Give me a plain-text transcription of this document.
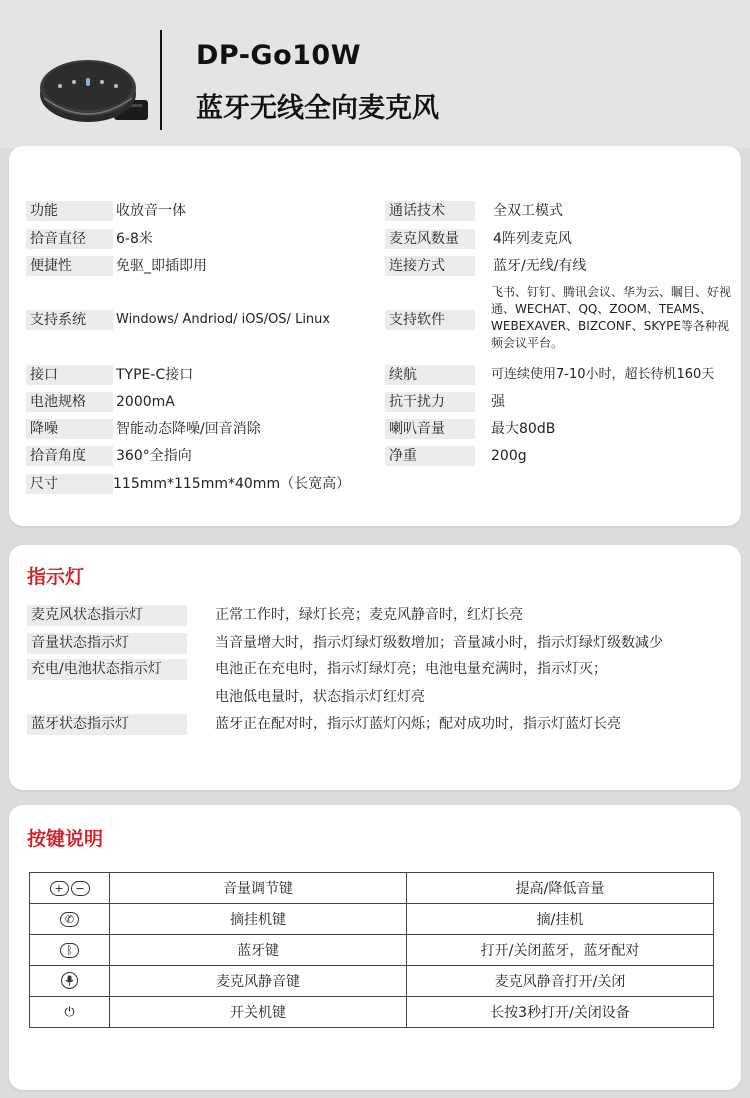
DP-Go10W
蓝牙无线全向麦克风
功能	收放音一体
拾音直径	6-8米
便捷性	免驱_即插即用
支持系统	Windows/ Andriod/ iOS/OS/ Linux
接口	TYPE-C接口
电池规格	2000mA
降噪	智能动态降噪/回音消除
拾音角度	360°全指向
尺寸	115mm*115mm*40mm（长宽高）
通话技术	全双工模式
麦克风数量	4阵列麦克风
连接方式	蓝牙/无线/有线
支持软件
飞书、钉钉、腾讯会议、华为云、瞩目、好视通、WECHAT、QQ、ZOOM、TEAMS、WEBEXAVER、BIZCONF、SKYPE等各种视频会议平台。
续航	可连续使用7-10小时，超长待机160天
抗干扰力	强
喇叭音量	最大80dB
净重	200g
指示灯
麦克风状态指示灯	正常工作时，绿灯长亮；麦克风静音时，红灯长亮
音量状态指示灯	当音量增大时，指示灯绿灯级数增加；音量减小时，指示灯绿灯级数减少
充电/电池状态指示灯	电池正在充电时，指示灯绿灯亮；电池电量充满时，指示灯灭；
电池低电量时，状态指示灯红灯亮
蓝牙状态指示灯	蓝牙正在配对时，指示灯蓝灯闪烁；配对成功时，指示灯蓝灯长亮
按键说明
+ −	音量调节键	提高/降低音量
✆	摘挂机键	摘/挂机
ᛒ	蓝牙键	打开/关闭蓝牙，蓝牙配对

	麦克风静音键	麦克风静音打开/关闭
⏻	开关机键	长按3秒打开/关闭设备
